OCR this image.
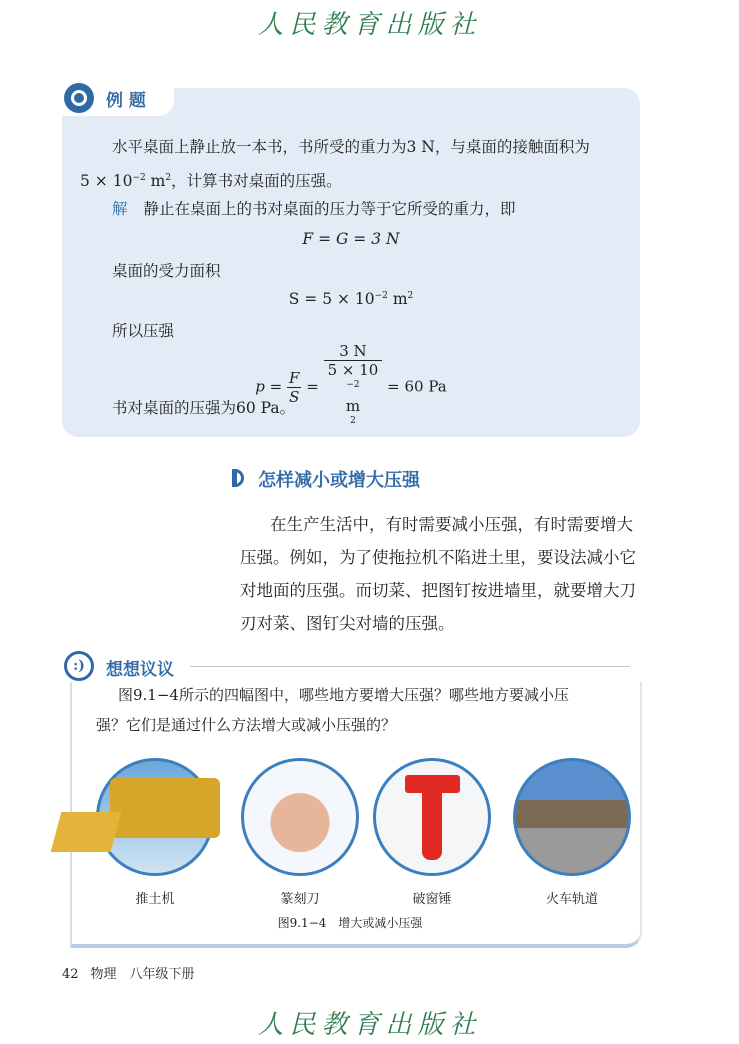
人民教育出版社
例 题
水平桌面上静止放一本书，书所受的重力为3 N，与桌面的接触面积为
$5 \times 10^{-2}$ $m^2$，计算书对桌面的压强。
解 静止在桌面上的书对桌面的压力等于它所受的重力，即
F = G = 3 N
桌面的受力面积
$S = 5 \times 10^{-2}$ $m^2$
所以压强
$p = \frac{F}{S} = 3$ N
5 × 10
$^{-2}$
m
$^2$ = 60 Pa
书对桌面的压强为60 Pa。
怎样减小或增大压强
在生产生活中，有时需要减小压强，有时需要增大
压强。例如，为了使拖拉机不陷进土里，要设法减小它
对地面的压强。而切菜、把图钉按进墙里，就要增大刀
刃对菜、图钉尖对墙的压强。
:)	想想议议
图9.1−4所示的四幅图中，哪些地方要增大压强？哪些地方要减小压
强？它们是通过什么方法增大或减小压强的？
推土机	篆刻刀	破窗锤	火车轨道
图9.1−4　增大或减小压强
42 物理　八年级下册
人民教育出版社
